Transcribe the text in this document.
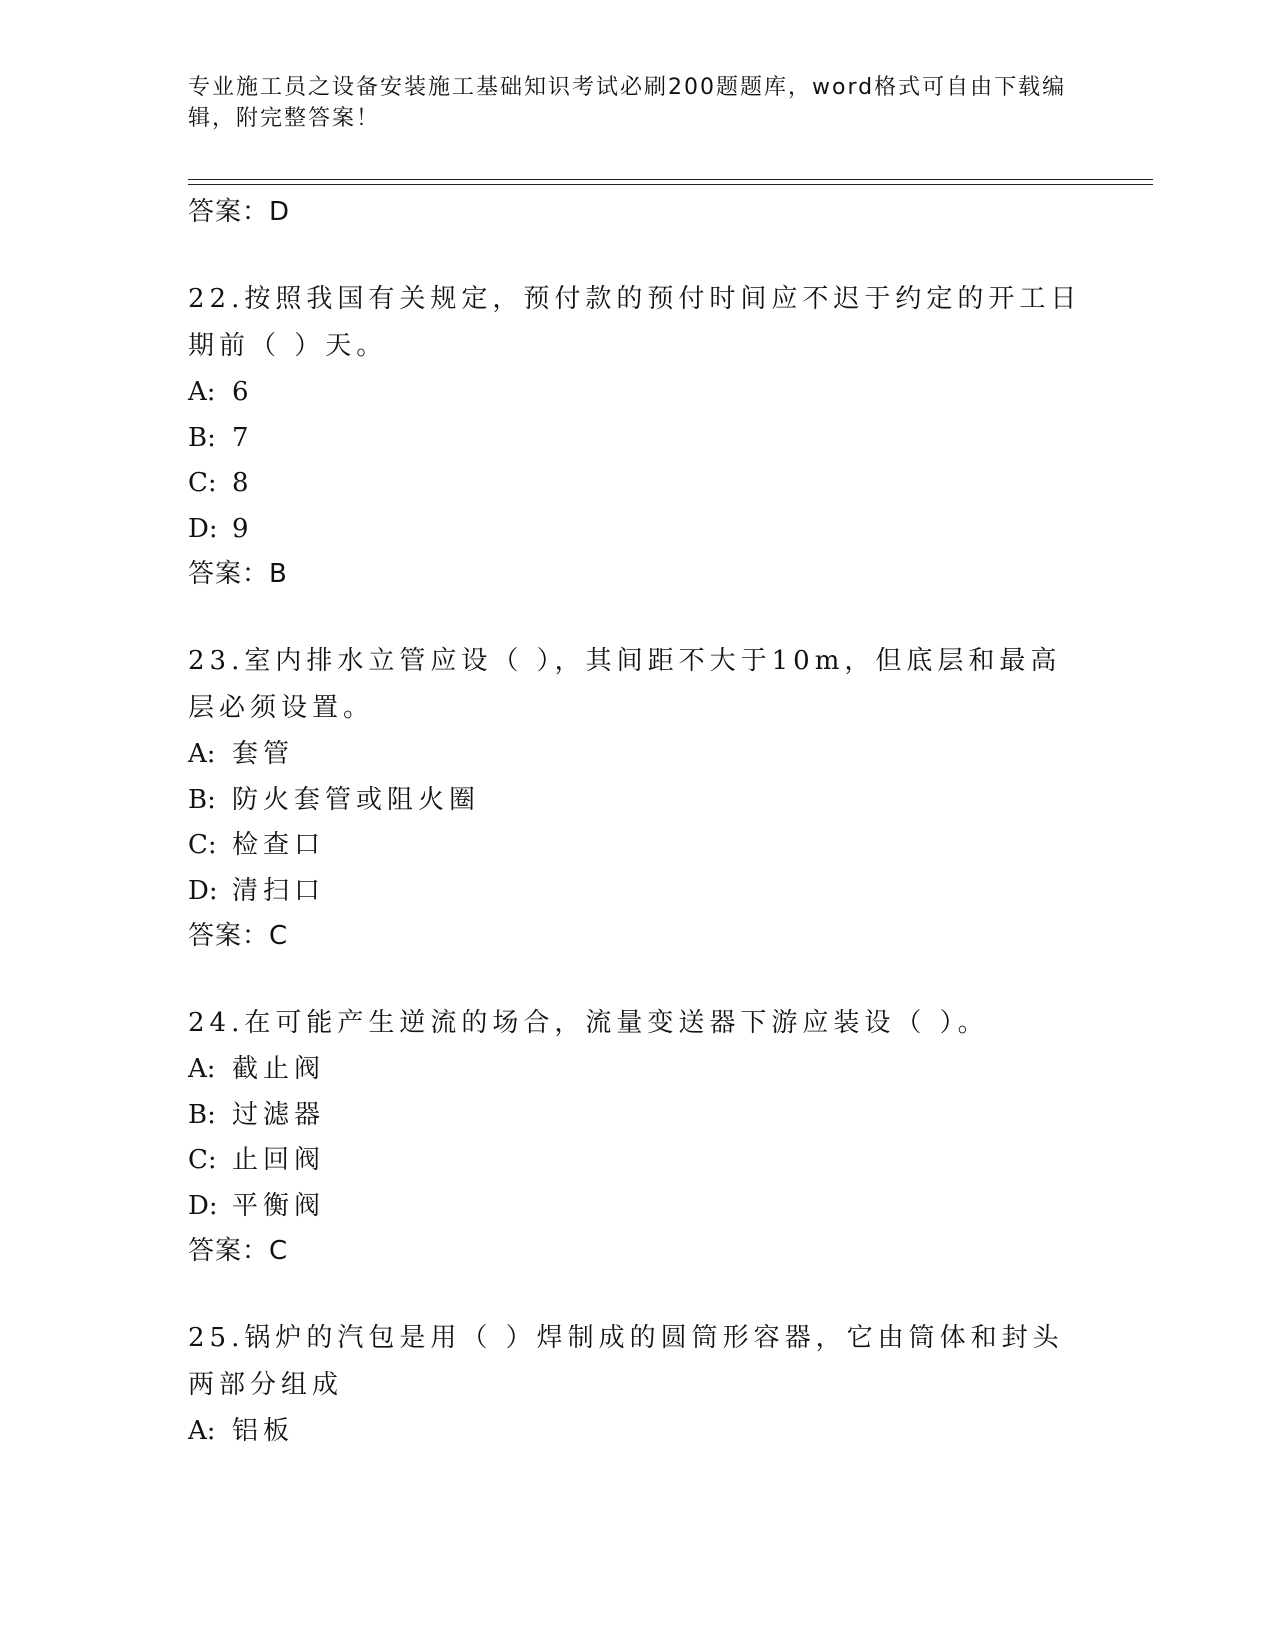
专业施工员之设备安装施工基础知识考试必刷200题题库，word格式可自由下载编辑，附完整答案！
答案：D
22.按照我国有关规定，预付款的预付时间应不迟于约定的开工日期前（ ）天。
A: 6
B: 7
C: 8
D: 9
答案：B
23.室内排水立管应设（ ），其间距不大于10m，但底层和最高层必须设置。
A: 套管
B: 防火套管或阻火圈
C: 检查口
D: 清扫口
答案：C
24.在可能产生逆流的场合，流量变送器下游应装设（ ）。
A: 截止阀
B: 过滤器
C: 止回阀
D: 平衡阀
答案：C
25.锅炉的汽包是用（ ）焊制成的圆筒形容器，它由筒体和封头两部分组成
A: 铝板
